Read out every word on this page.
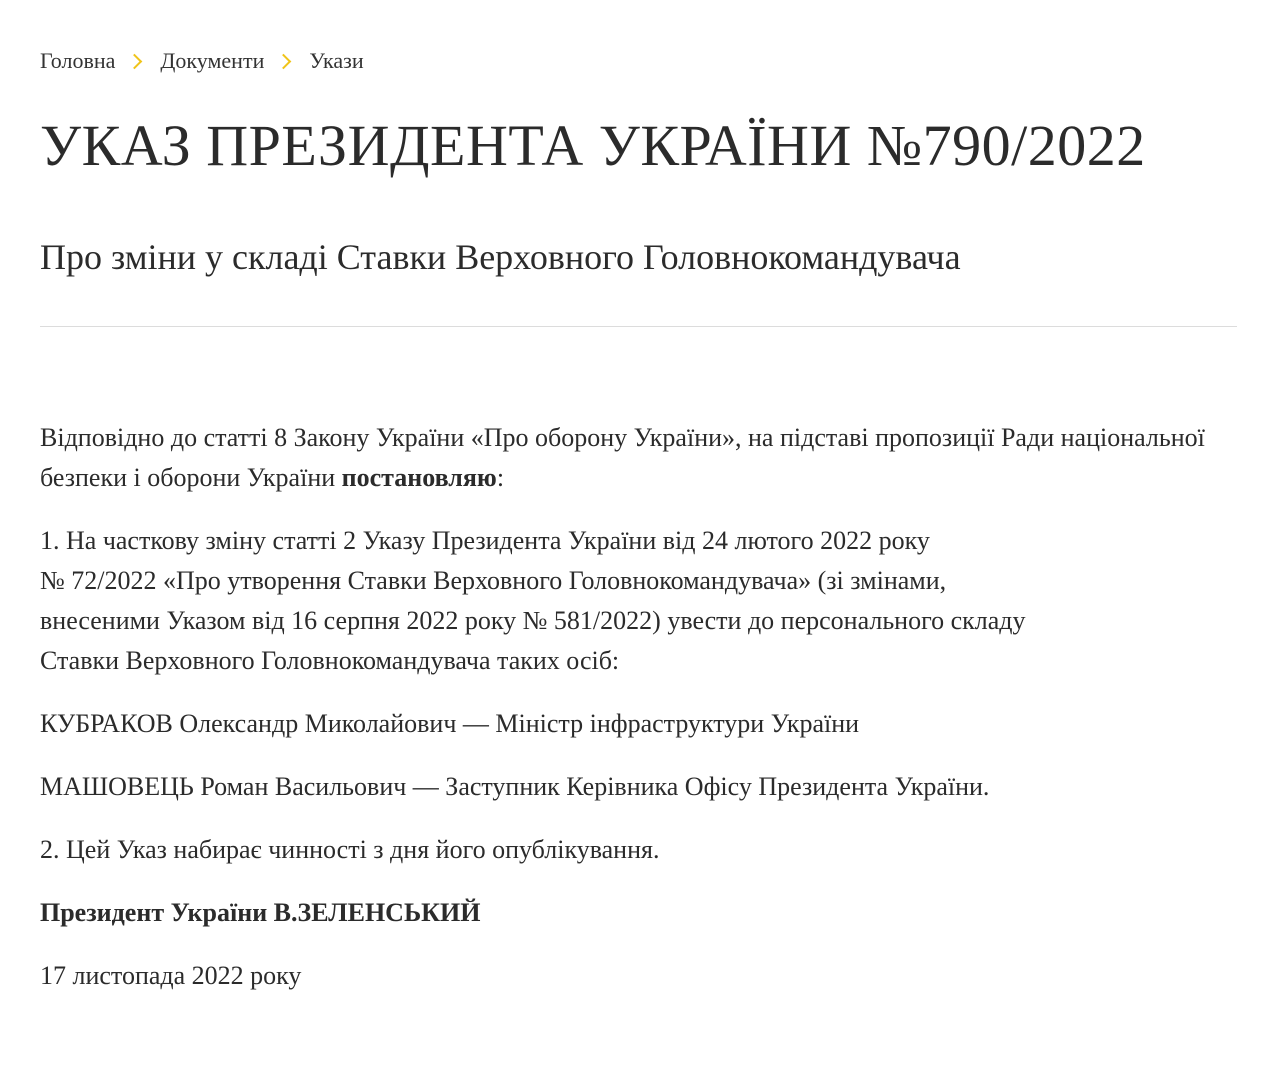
Головна Документи Укази
УКАЗ ПРЕЗИДЕНТА УКРАЇНИ №790/2022
Про зміни у складі Ставки Верховного Головнокомандувача

Відповідно до статті 8 Закону України «Про оборону України», на підставі пропозиції Ради національної безпеки і оборони України постановляю:

1. На часткову зміну статті 2 Указу Президента України від 24 лютого 2022 року
№ 72/2022 «Про утворення Ставки Верховного Головнокомандувача» (зі змінами,
внесеними Указом від 16 серпня 2022 року № 581/2022) увести до персонального складу
Ставки Верховного Головнокомандувача таких осіб:

КУБРАКОВ Олександр Миколайович — Міністр інфраструктури України

МАШОВЕЦЬ Роман Васильович — Заступник Керівника Офісу Президента України.

2. Цей Указ набирає чинності з дня його опублікування.

Президент України В.ЗЕЛЕНСЬКИЙ

17 листопада 2022 року
